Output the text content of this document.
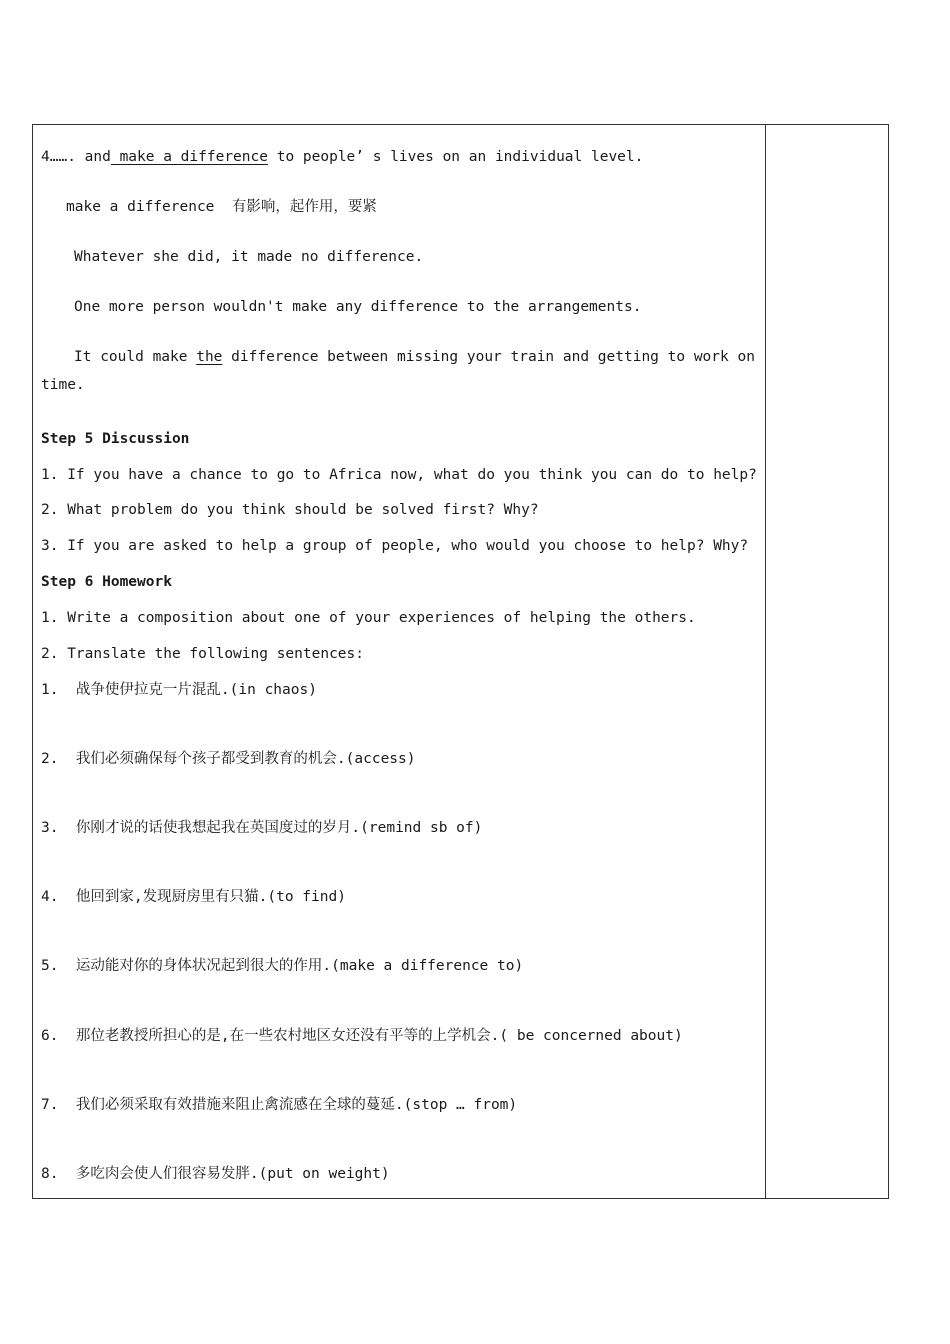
4……. and make a difference to people’ s lives on an individual level.
make a difference  有影响，起作用，要紧
Whatever she did, it made no difference.
One more person wouldn't make any difference to the arrangements.
It could make the difference between missing your train and getting to work on
time.
Step 5 Discussion
1. If you have a chance to go to Africa now, what do you think you can do to help?
2. What problem do you think should be solved first? Why?
3. If you are asked to help a group of people, who would you choose to help? Why?
Step 6 Homework
1. Write a composition about one of your experiences of helping the others.
2. Translate the following sentences:
1.  战争使伊拉克一片混乱.(in chaos)
2.  我们必须确保每个孩子都受到教育的机会.(access)
3.  你刚才说的话使我想起我在英国度过的岁月.(remind sb of)
4.  他回到家,发现厨房里有只猫.(to find)
5.  运动能对你的身体状况起到很大的作用.(make a difference to)
6.  那位老教授所担心的是,在一些农村地区女还没有平等的上学机会.( be concerned about)
7.  我们必须采取有效措施来阻止禽流感在全球的蔓延.(stop … from)
8.  多吃肉会使人们很容易发胖.(put on weight)
